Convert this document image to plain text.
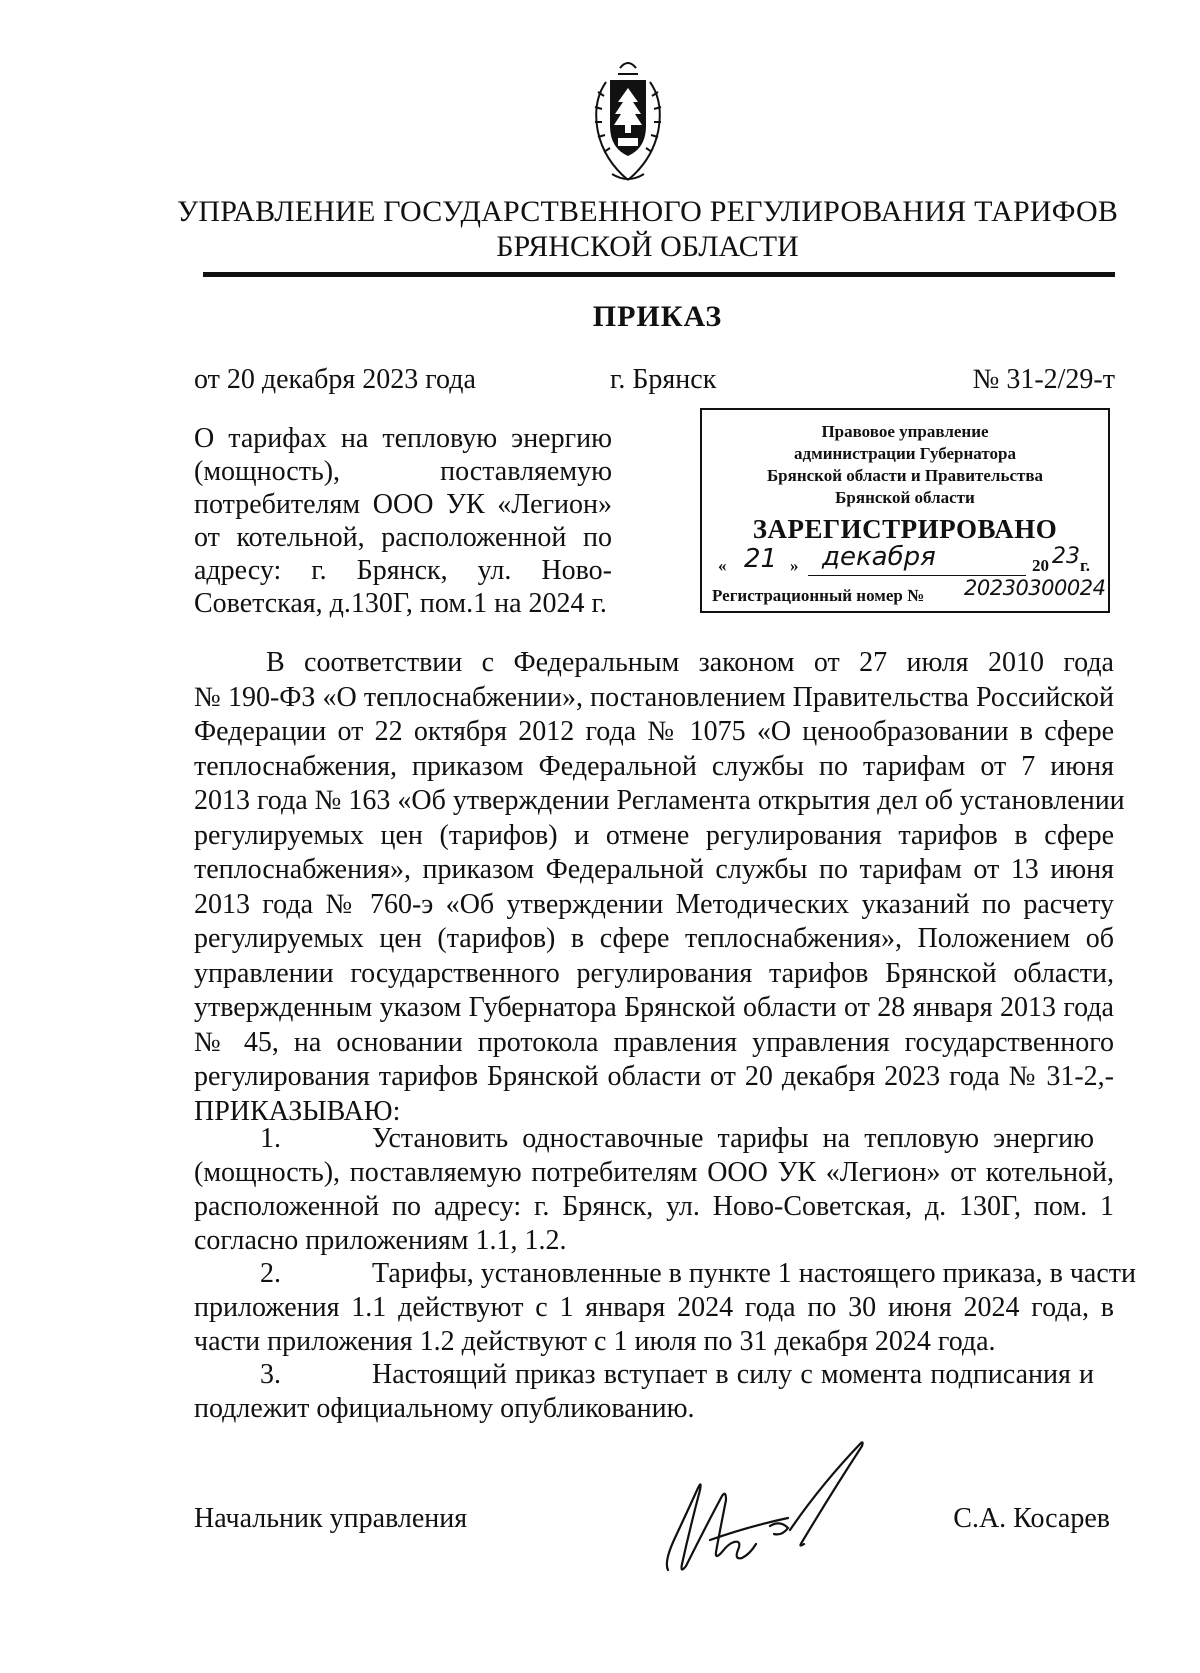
УПРАВЛЕНИЕ ГОСУДАРСТВЕННОГО РЕГУЛИРОВАНИЯ ТАРИФОВ
БРЯНСКОЙ ОБЛАСТИ
ПРИКАЗ
от 20 декабря 2023 года	г. Брянск	№ 31-2/29-т
О тарифах на тепловую энергию
(мощность), поставляемую
потребителям ООО УК «Легион»
от котельной, расположенной по
адресу: г. Брянск, ул. Ново-
Советская, д.130Г, пом.1 на 2024 г.
Правовое управление
администрации Губернатора
Брянской области и Правительства
Брянской области
ЗАРЕГИСТРИРОВАНО
« 21 » декабря	20 23 г.
Регистрационный номер № 20230300024
В соответствии с Федеральным законом от 27 июля 2010 года
№ 190-ФЗ «О теплоснабжении», постановлением Правительства Российской
Федерации от 22 октября 2012 года № 1075 «О ценообразовании в сфере
теплоснабжения, приказом Федеральной службы по тарифам от 7 июня
2013 года № 163 «Об утверждении Регламента открытия дел об установлении
регулируемых цен (тарифов) и отмене регулирования тарифов в сфере
теплоснабжения», приказом Федеральной службы по тарифам от 13 июня
2013 года № 760-э «Об утверждении Методических указаний по расчету
регулируемых цен (тарифов) в сфере теплоснабжения», Положением об
управлении государственного регулирования тарифов Брянской области,
утвержденным указом Губернатора Брянской области от 28 января 2013 года
№ 45, на основании протокола правления управления государственного
регулирования тарифов Брянской области от 20 декабря 2023 года № 31-2,-
ПРИКАЗЫВАЮ:
1.	Установить одноставочные тарифы на тепловую энергию
(мощность), поставляемую потребителям ООО УК «Легион» от котельной,
расположенной по адресу: г. Брянск, ул. Ново-Советская, д. 130Г, пом. 1
согласно приложениям 1.1, 1.2.
2.	Тарифы, установленные в пункте 1 настоящего приказа, в части
приложения 1.1 действуют с 1 января 2024 года по 30 июня 2024 года, в
части приложения 1.2 действуют с 1 июля по 31 декабря 2024 года.
3.	Настоящий приказ вступает в силу с момента подписания и
подлежит официальному опубликованию.
Начальник управления	С.А. Косарев
